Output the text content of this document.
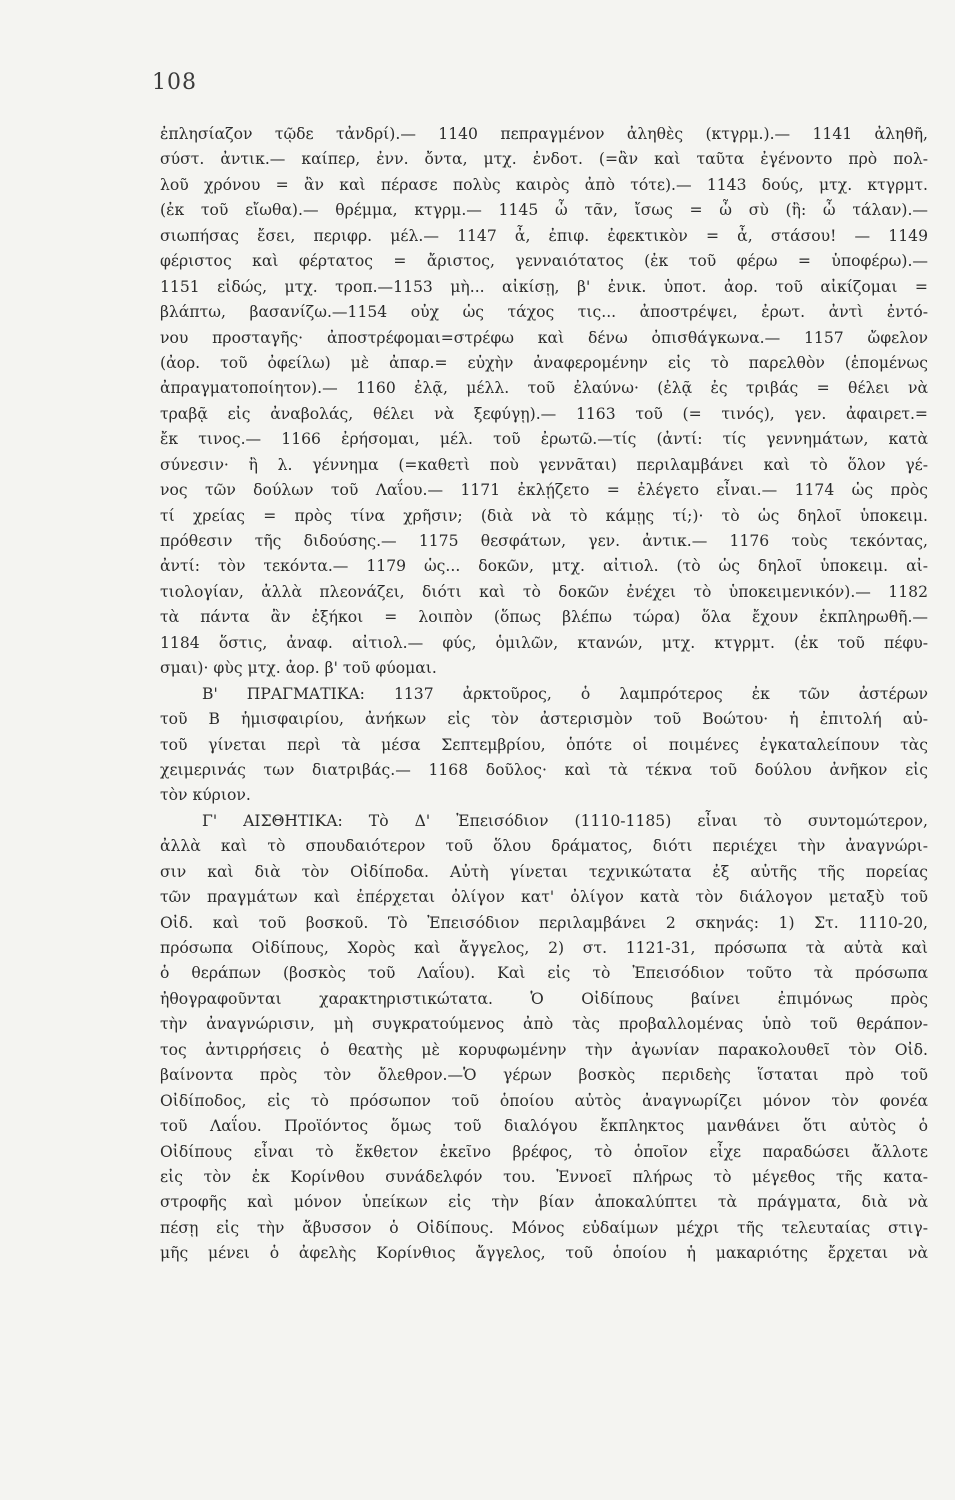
108
ἐπλησίαζον τῷδε τἀνδρί).— 1140 πεπραγμένον ἀληθὲς (κτγρμ.).— 1141 ἀληθῆ,
σύστ. ἀντικ.— καίπερ, ἐνν. ὄντα, μτχ. ἐνδοτ. (=ἂν καὶ ταῦτα ἐγένοντο πρὸ πολ-
λοῦ χρόνου = ἂν καὶ πέρασε πολὺς καιρὸς ἀπὸ τότε).— 1143 δούς, μτχ. κτγρμτ.
(ἐκ τοῦ εἴωθα).— θρέμμα, κτγρμ.— 1145 ὦ τᾶν, ἴσως = ὦ σὺ (ἢ: ὦ τάλαν).—
σιωπήσας ἔσει, περιφρ. μέλ.— 1147 ἆ, ἐπιφ. ἐφεκτικὸν = ἆ, στάσου! — 1149
φέριστος καὶ φέρτατος = ἄριστος, γενναιότατος (ἐκ τοῦ φέρω = ὑποφέρω).—
1151 εἰδώς, μτχ. τροπ.—1153 μὴ... αἰκίσῃ, β' ἐνικ. ὑποτ. ἀορ. τοῦ αἰκίζομαι =
βλάπτω, βασανίζω.—1154 οὐχ ὡς τάχος τις... ἀποστρέψει, ἐρωτ. ἀντὶ ἐντό-
νου προσταγῆς· ἀποστρέφομαι=στρέφω καὶ δένω ὀπισθάγκωνα.— 1157 ὤφελον
(ἀορ. τοῦ ὀφείλω) μὲ ἀπαρ.= εὐχὴν ἀναφερομένην εἰς τὸ παρελθὸν (ἑπομένως
ἀπραγματοποίητον).— 1160 ἐλᾷ, μέλλ. τοῦ ἐλαύνω· (ἐλᾷ ἐς τριβάς = θέλει νὰ
τραβᾷ εἰς ἀναβολάς, θέλει νὰ ξεφύγῃ).— 1163 τοῦ (= τινός), γεν. ἀφαιρετ.=
ἔκ τινος.— 1166 ἐρήσομαι, μέλ. τοῦ ἐρωτῶ.—τίς (ἀντί: τίς γεννημάτων, κατὰ
σύνεσιν· ἢ λ. γέννημα (=καθετὶ ποὺ γεννᾶται) περιλαμβάνει καὶ τὸ ὅλον γέ-
νος τῶν δούλων τοῦ Λαΐου.— 1171 ἐκλῄζετο = ἐλέγετο εἶναι.— 1174 ὡς πρὸς
τί χρείας = πρὸς τίνα χρῆσιν; (διὰ νὰ τὸ κάμῃς τί;)· τὸ ὡς δηλοῖ ὑποκειμ.
πρόθεσιν τῆς διδούσης.— 1175 θεσφάτων, γεν. ἀντικ.— 1176 τοὺς τεκόντας,
ἀντί: τὸν τεκόντα.— 1179 ὡς... δοκῶν, μτχ. αἰτιολ. (τὸ ὡς δηλοῖ ὑποκειμ. αἰ-
τιολογίαν, ἀλλὰ πλεονάζει, διότι καὶ τὸ δοκῶν ἐνέχει τὸ ὑποκειμενικόν).— 1182
τὰ πάντα ἂν ἐξήκοι = λοιπὸν (ὅπως βλέπω τώρα) ὅλα ἔχουν ἐκπληρωθῆ.—
1184 ὅστις, ἀναφ. αἰτιολ.— φύς, ὁμιλῶν, κτανών, μτχ. κτγρμτ. (ἐκ τοῦ πέφυ-
σμαι)· φὺς μτχ. ἀορ. β' τοῦ φύομαι.
Β' ΠΡΑΓΜΑΤΙΚΑ: 1137 ἀρκτοῦρος, ὁ λαμπρότερος ἐκ τῶν ἀστέρων
τοῦ Β ἡμισφαιρίου, ἀνήκων εἰς τὸν ἀστερισμὸν τοῦ Βοώτου· ἡ ἐπιτολή αὐ-
τοῦ γίνεται περὶ τὰ μέσα Σεπτεμβρίου, ὁπότε οἱ ποιμένες ἐγκαταλείπουν τὰς
χειμερινάς των διατριβάς.— 1168 δοῦλος· καὶ τὰ τέκνα τοῦ δούλου ἀνῆκον εἰς
τὸν κύριον.
Γ' ΑΙΣΘΗΤΙΚΑ: Τὸ Δ' Ἐπεισόδιον (1110-1185) εἶναι τὸ συντομώτερον,
ἀλλὰ καὶ τὸ σπουδαιότερον τοῦ ὅλου δράματος, διότι περιέχει τὴν ἀναγνώρι-
σιν καὶ διὰ τὸν Οἰδίποδα. Αὐτὴ γίνεται τεχνικώτατα ἐξ αὐτῆς τῆς πορείας
τῶν πραγμάτων καὶ ἐπέρχεται ὀλίγον κατ' ὀλίγον κατὰ τὸν διάλογον μεταξὺ τοῦ
Οἰδ. καὶ τοῦ βοσκοῦ. Τὸ Ἐπεισόδιον περιλαμβάνει 2 σκηνάς: 1) Στ. 1110-20,
πρόσωπα Οἰδίπους, Χορὸς καὶ ἄγγελος, 2) στ. 1121-31, πρόσωπα τὰ αὐτὰ καὶ
ὁ θεράπων (βοσκὸς τοῦ Λαΐου). Καὶ εἰς τὸ Ἐπεισόδιον τοῦτο τὰ πρόσωπα
ἠθογραφοῦνται χαρακτηριστικώτατα. Ὁ Οἰδίπους βαίνει ἐπιμόνως πρὸς
τὴν ἀναγνώρισιν, μὴ συγκρατούμενος ἀπὸ τὰς προβαλλομένας ὑπὸ τοῦ θεράπον-
τος ἀντιρρήσεις ὁ θεατὴς μὲ κορυφωμένην τὴν ἀγωνίαν παρακολουθεῖ τὸν Οἰδ.
βαίνοντα πρὸς τὸν ὄλεθρον.—Ὁ γέρων βοσκὸς περιδεὴς ἵσταται πρὸ τοῦ
Οἰδίποδος, εἰς τὸ πρόσωπον τοῦ ὁποίου αὐτὸς ἀναγνωρίζει μόνον τὸν φονέα
τοῦ Λαΐου. Προϊόντος ὅμως τοῦ διαλόγου ἔκπληκτος μανθάνει ὅτι αὐτὸς ὁ
Οἰδίπους εἶναι τὸ ἔκθετον ἐκεῖνο βρέφος, τὸ ὁποῖον εἶχε παραδώσει ἄλλοτε
εἰς τὸν ἐκ Κορίνθου συνάδελφόν του. Ἐννοεῖ πλήρως τὸ μέγεθος τῆς κατα-
στροφῆς καὶ μόνον ὑπείκων εἰς τὴν βίαν ἀποκαλύπτει τὰ πράγματα, διὰ νὰ
πέσῃ εἰς τὴν ἄβυσσον ὁ Οἰδίπους. Μόνος εὐδαίμων μέχρι τῆς τελευταίας στιγ-
μῆς μένει ὁ ἀφελὴς Κορίνθιος ἄγγελος, τοῦ ὁποίου ἡ μακαριότης ἔρχεται νὰ
